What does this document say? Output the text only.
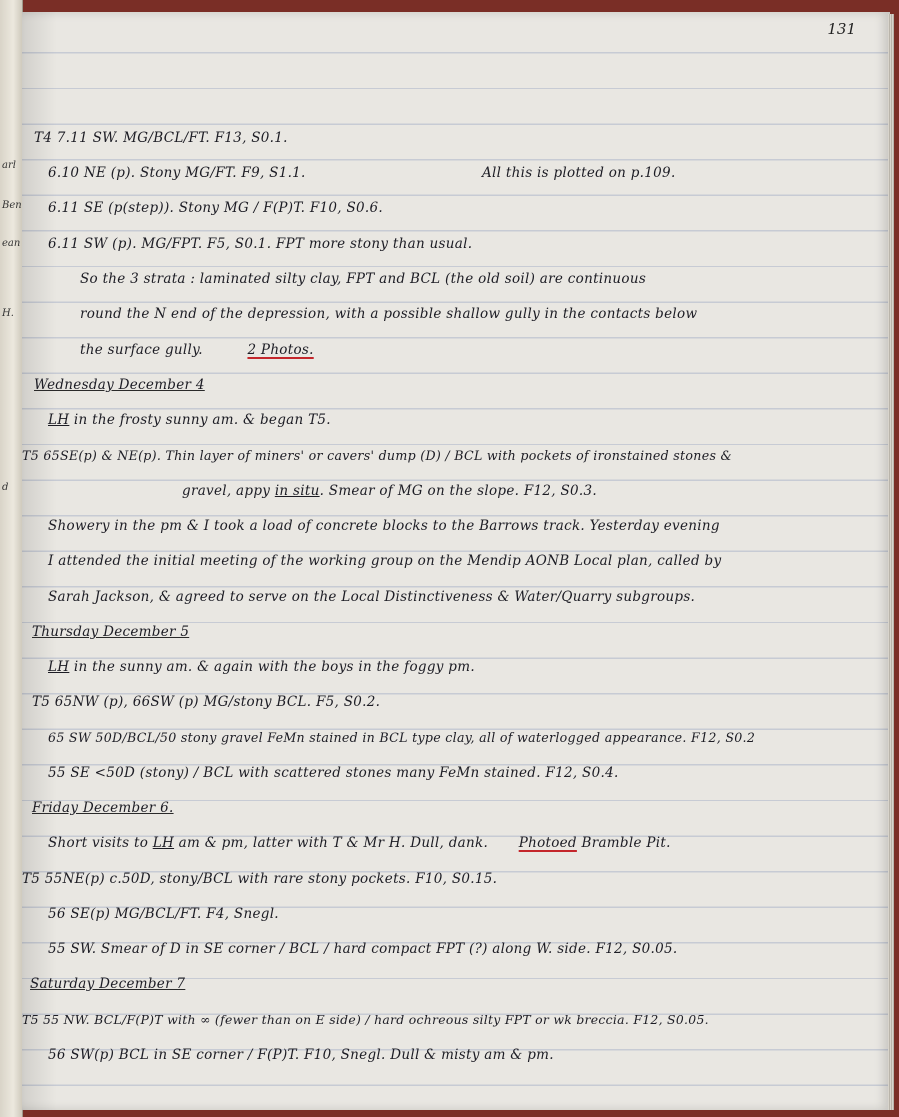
arl
Ben
ean
H.
d
131
T4 7.11 SW. MG/BCL/FT. F13, S0.1.
6.10 NE (p). Stony MG/FT. F9, S1.1.	All this is plotted on p.109.
6.11 SE (p(step)). Stony MG / F(P)T. F10, S0.6.
6.11 SW (p). MG/FPT. F5, S0.1. FPT more stony than usual.
So the 3 strata : laminated silty clay, FPT and BCL (the old soil) are continuous
round the N end of the depression, with a possible shallow gully in the contacts below
the surface gully.	2 Photos.
Wednesday December 4
LH in the frosty sunny am. & began T5.
T5 65SE(p) & NE(p). Thin layer of miners' or cavers' dump (D) / BCL with pockets of ironstained stones &
gravel, appy in situ. Smear of MG on the slope. F12, S0.3.
Showery in the pm & I took a load of concrete blocks to the Barrows track. Yesterday evening
I attended the initial meeting of the working group on the Mendip AONB Local plan, called by
Sarah Jackson, & agreed to serve on the Local Distinctiveness & Water/Quarry subgroups.
Thursday December 5
LH in the sunny am. & again with the boys in the foggy pm.
T5 65NW (p), 66SW (p) MG/stony BCL. F5, S0.2.
65 SW 50D/BCL/50 stony gravel FeMn stained in BCL type clay, all of waterlogged appearance. F12, S0.2
55 SE <50D (stony) / BCL with scattered stones many FeMn stained. F12, S0.4.
Friday December 6.
Short visits to LH am & pm, latter with T & Mr H. Dull, dank. Photoed Bramble Pit.
T5 55NE(p) c.50D, stony/BCL with rare stony pockets. F10, S0.15.
56 SE(p) MG/BCL/FT. F4, Snegl.
55 SW. Smear of D in SE corner / BCL / hard compact FPT (?) along W. side. F12, S0.05.
Saturday December 7
T5 55 NW. BCL/F(P)T with ∞ (fewer than on E side) / hard ochreous silty FPT or wk breccia. F12, S0.05.
56 SW(p) BCL in SE corner / F(P)T. F10, Snegl. Dull & misty am & pm.
